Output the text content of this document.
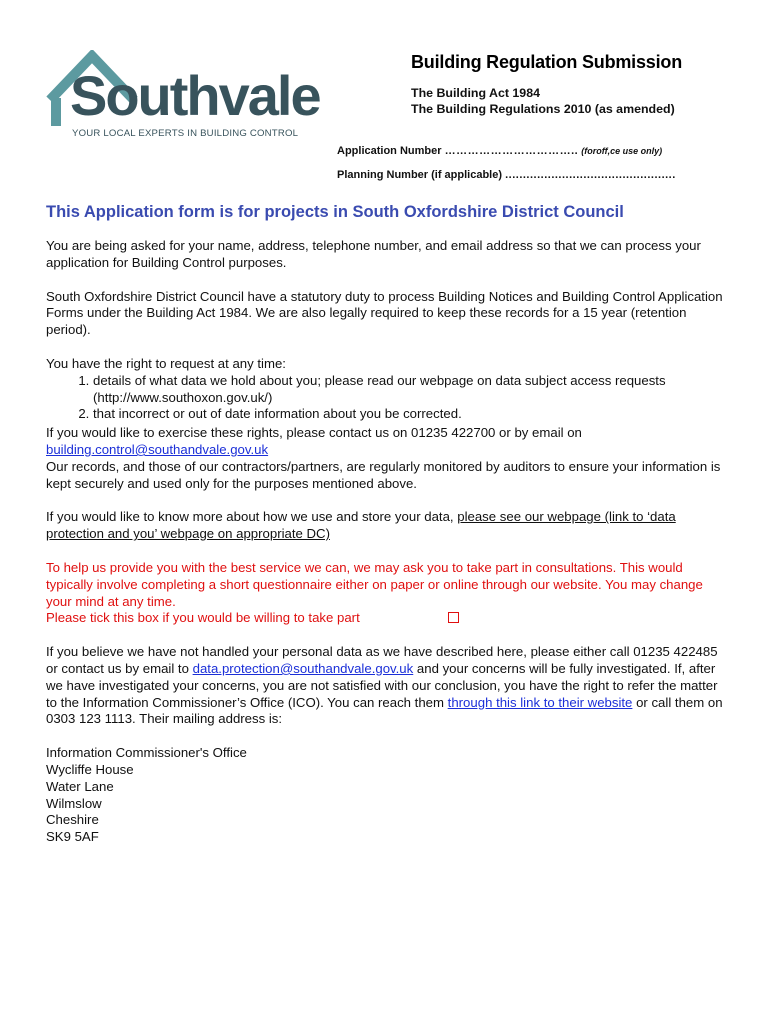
Southvale
YOUR LOCAL EXPERTS IN BUILDING CONTROL
Building Regulation Submission
The Building Act 1984
The Building Regulations 2010 (as amended)
Application Number …………………………….. (foroff,ce use only)
Planning Number (if applicable) ................................................
This Application form is for projects in South Oxfordshire District Council

You are being asked for your name, address, telephone number, and email address so that we can process your application for Building Control purposes.

South Oxfordshire District Council have a statutory duty to process Building Notices and Building Control Application Forms under the Building Act 1984. We are also legally required to keep these records for a 15 year (retention period).

You have the right to request at any time:
1. details of what data we hold about you; please read our webpage on data subject access requests (http://www.southoxon.gov.uk/)
2. that incorrect or out of date information about you be corrected.
If you would like to exercise these rights, please contact us on 01235 422700 or by email on
building.control@southandvale.gov.uk
Our records, and those of our contractors/partners, are regularly monitored by auditors to ensure your information is kept securely and used only for the purposes mentioned above.

If you would like to know more about how we use and store your data, please see our webpage (link to ‘data protection and you’ webpage on appropriate DC)

To help us provide you with the best service we can, we may ask you to take part in consultations. This would typically involve completing a short questionnaire either on paper or online through our website. You may change your mind at any time.
Please tick this box if you would be willing to take part

If you believe we have not handled your personal data as we have described here, please either call 01235 422485 or contact us by email to data.protection@southandvale.gov.uk and your concerns will be fully investigated. If, after we have investigated your concerns, you are not satisfied with our conclusion, you have the right to refer the matter to the Information Commissioner’s Office (ICO). You can reach them through this link to their website or call them on 0303 123 1113. Their mailing address is:

Information Commissioner's Office
Wycliffe House
Water Lane
Wilmslow
Cheshire
SK9 5AF
